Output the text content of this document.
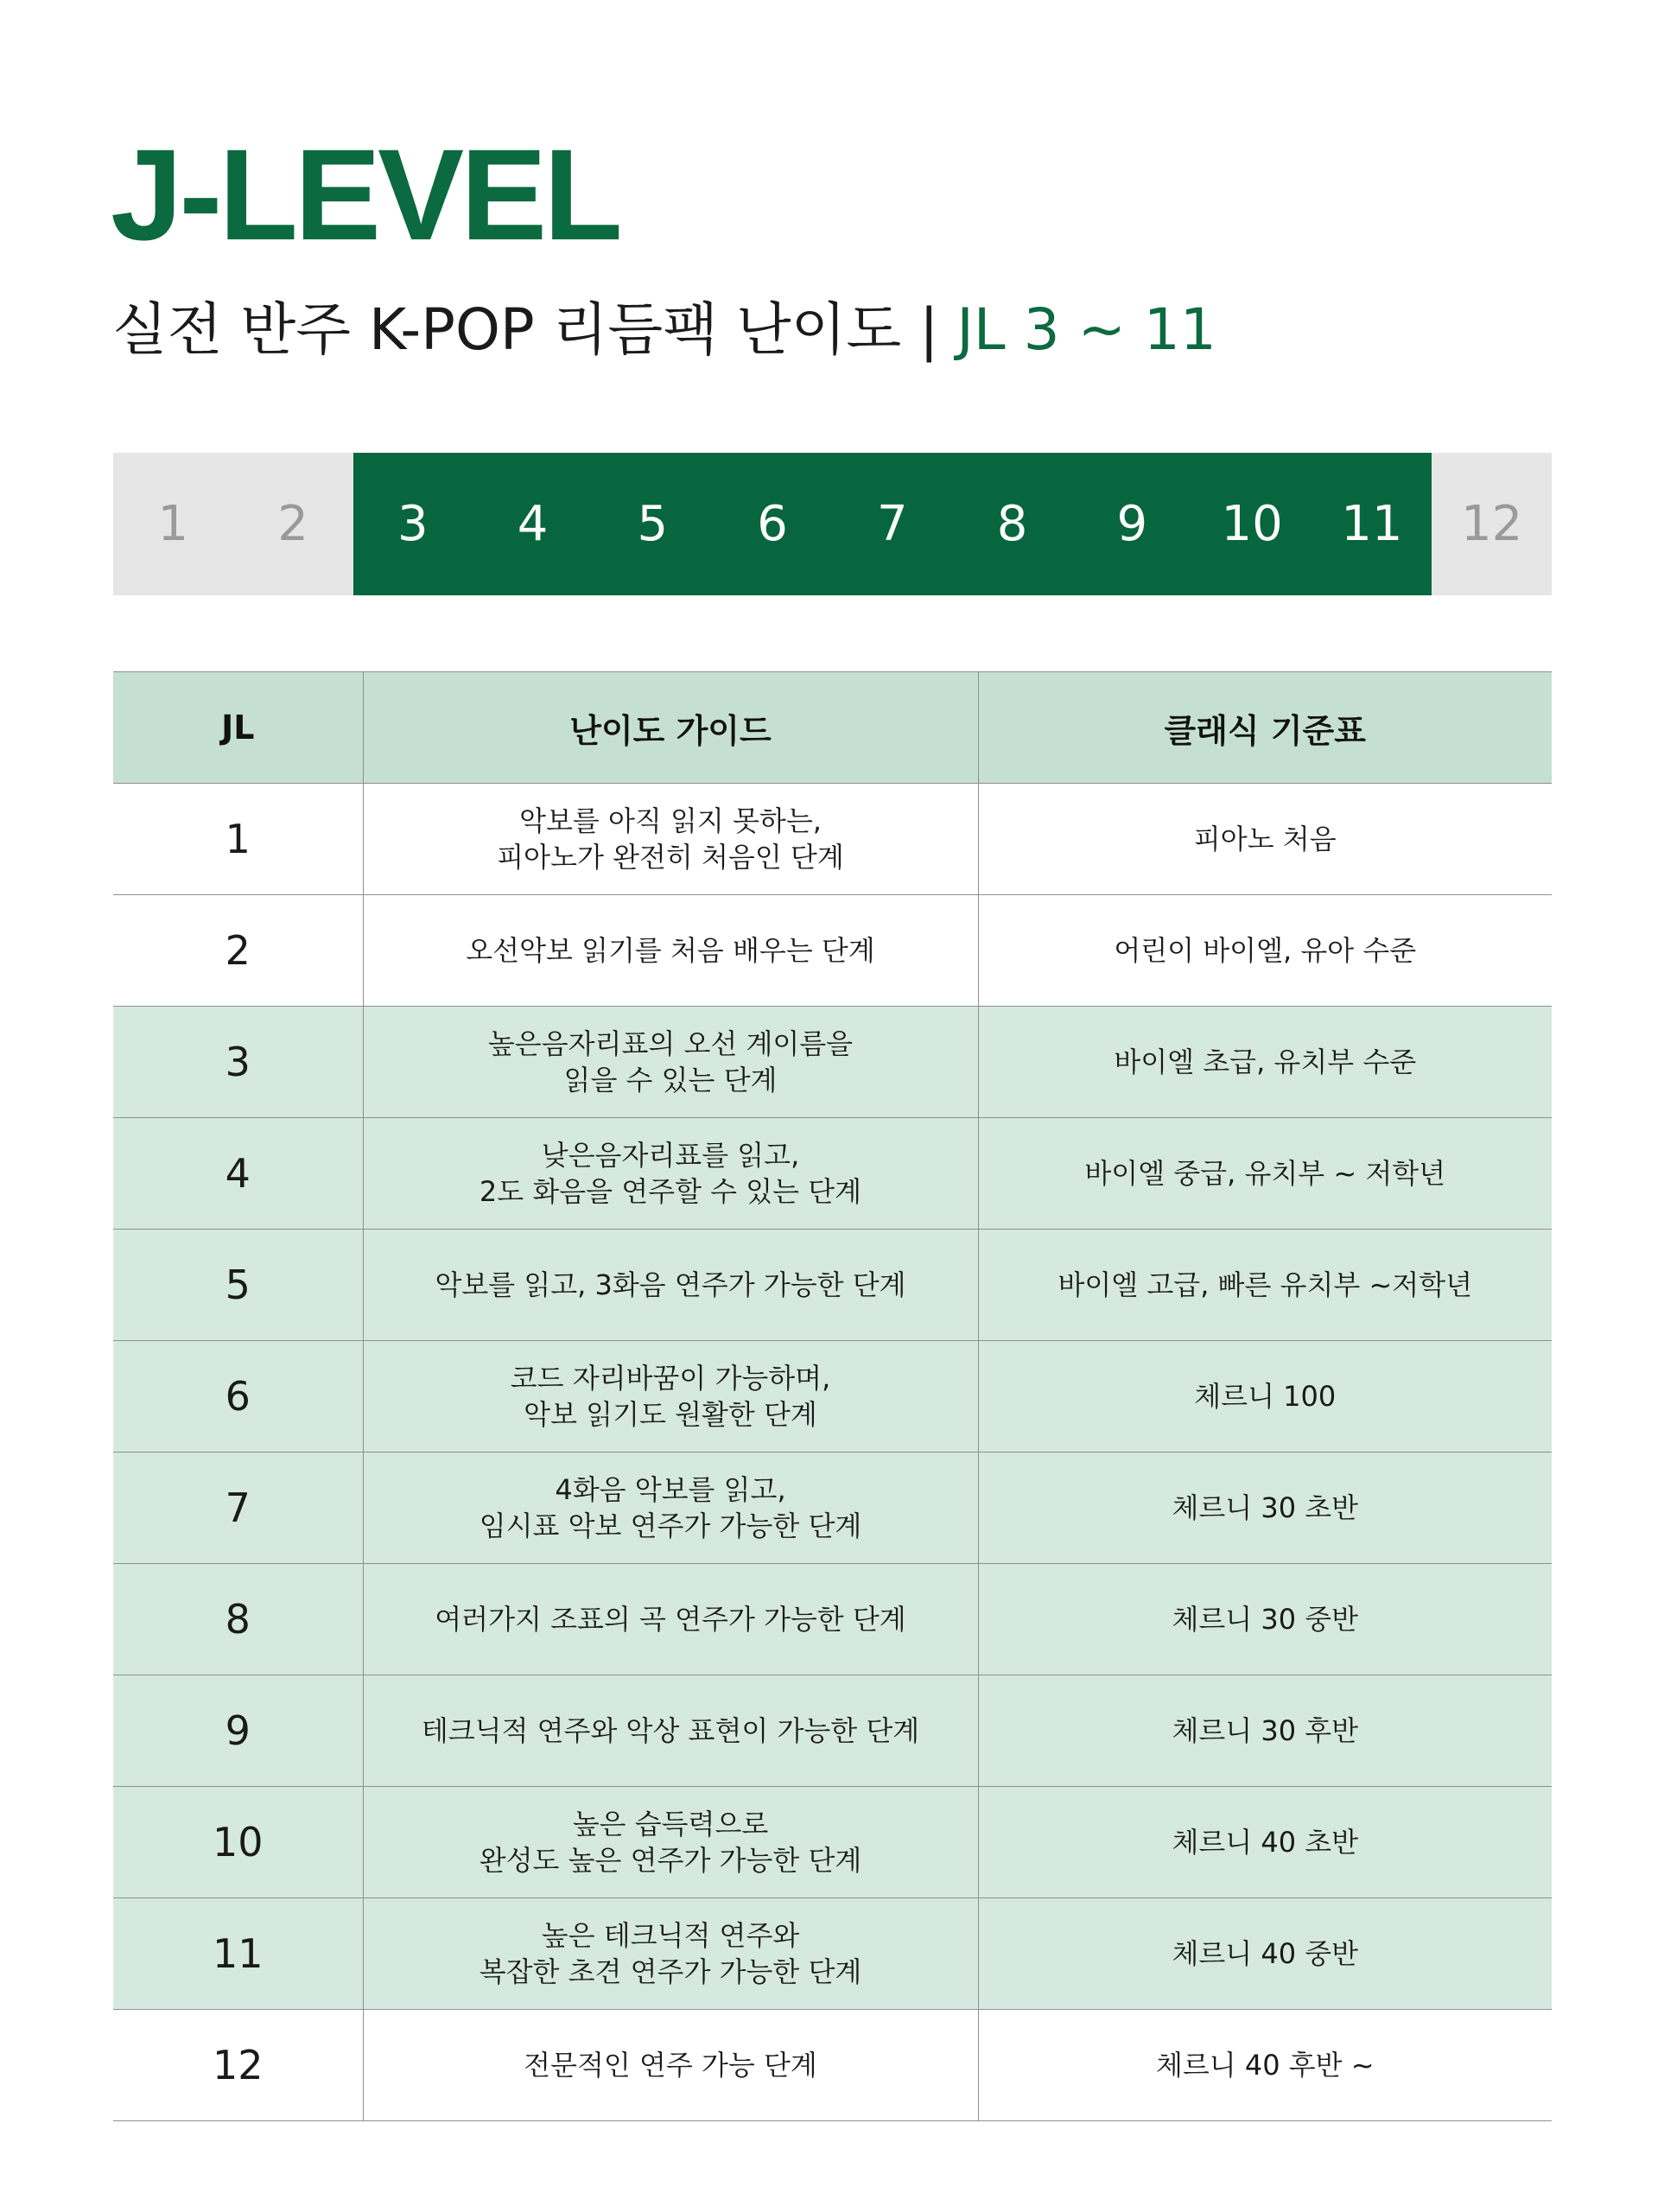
J-LEVEL
실전 반주 K-POP 리듬팩 난이도 | JL 3 ~ 11
1	2	3	4	5	6	7	8	9	10	11	12
JL	난이도 가이드	클래식 기준표
1	악보를 아직 읽지 못하는,
피아노가 완전히 처음인 단계	피아노 처음
2	오선악보 읽기를 처음 배우는 단계	어린이 바이엘, 유아 수준
3	높은음자리표의 오선 계이름을
읽을 수 있는 단계	바이엘 초급, 유치부 수준
4	낮은음자리표를 읽고,
2도 화음을 연주할 수 있는 단계	바이엘 중급, 유치부 ~ 저학년
5	악보를 읽고, 3화음 연주가 가능한 단계	바이엘 고급, 빠른 유치부 ~저학년
6	코드 자리바꿈이 가능하며,
악보 읽기도 원활한 단계	체르니 100
7	4화음 악보를 읽고,
임시표 악보 연주가 가능한 단계	체르니 30 초반
8	여러가지 조표의 곡 연주가 가능한 단계	체르니 30 중반
9	테크닉적 연주와 악상 표현이 가능한 단계	체르니 30 후반
10	높은 습득력으로
완성도 높은 연주가 가능한 단계	체르니 40 초반
11	높은 테크닉적 연주와
복잡한 초견 연주가 가능한 단계	체르니 40 중반
12	전문적인 연주 가능 단계	체르니 40 후반 ~
